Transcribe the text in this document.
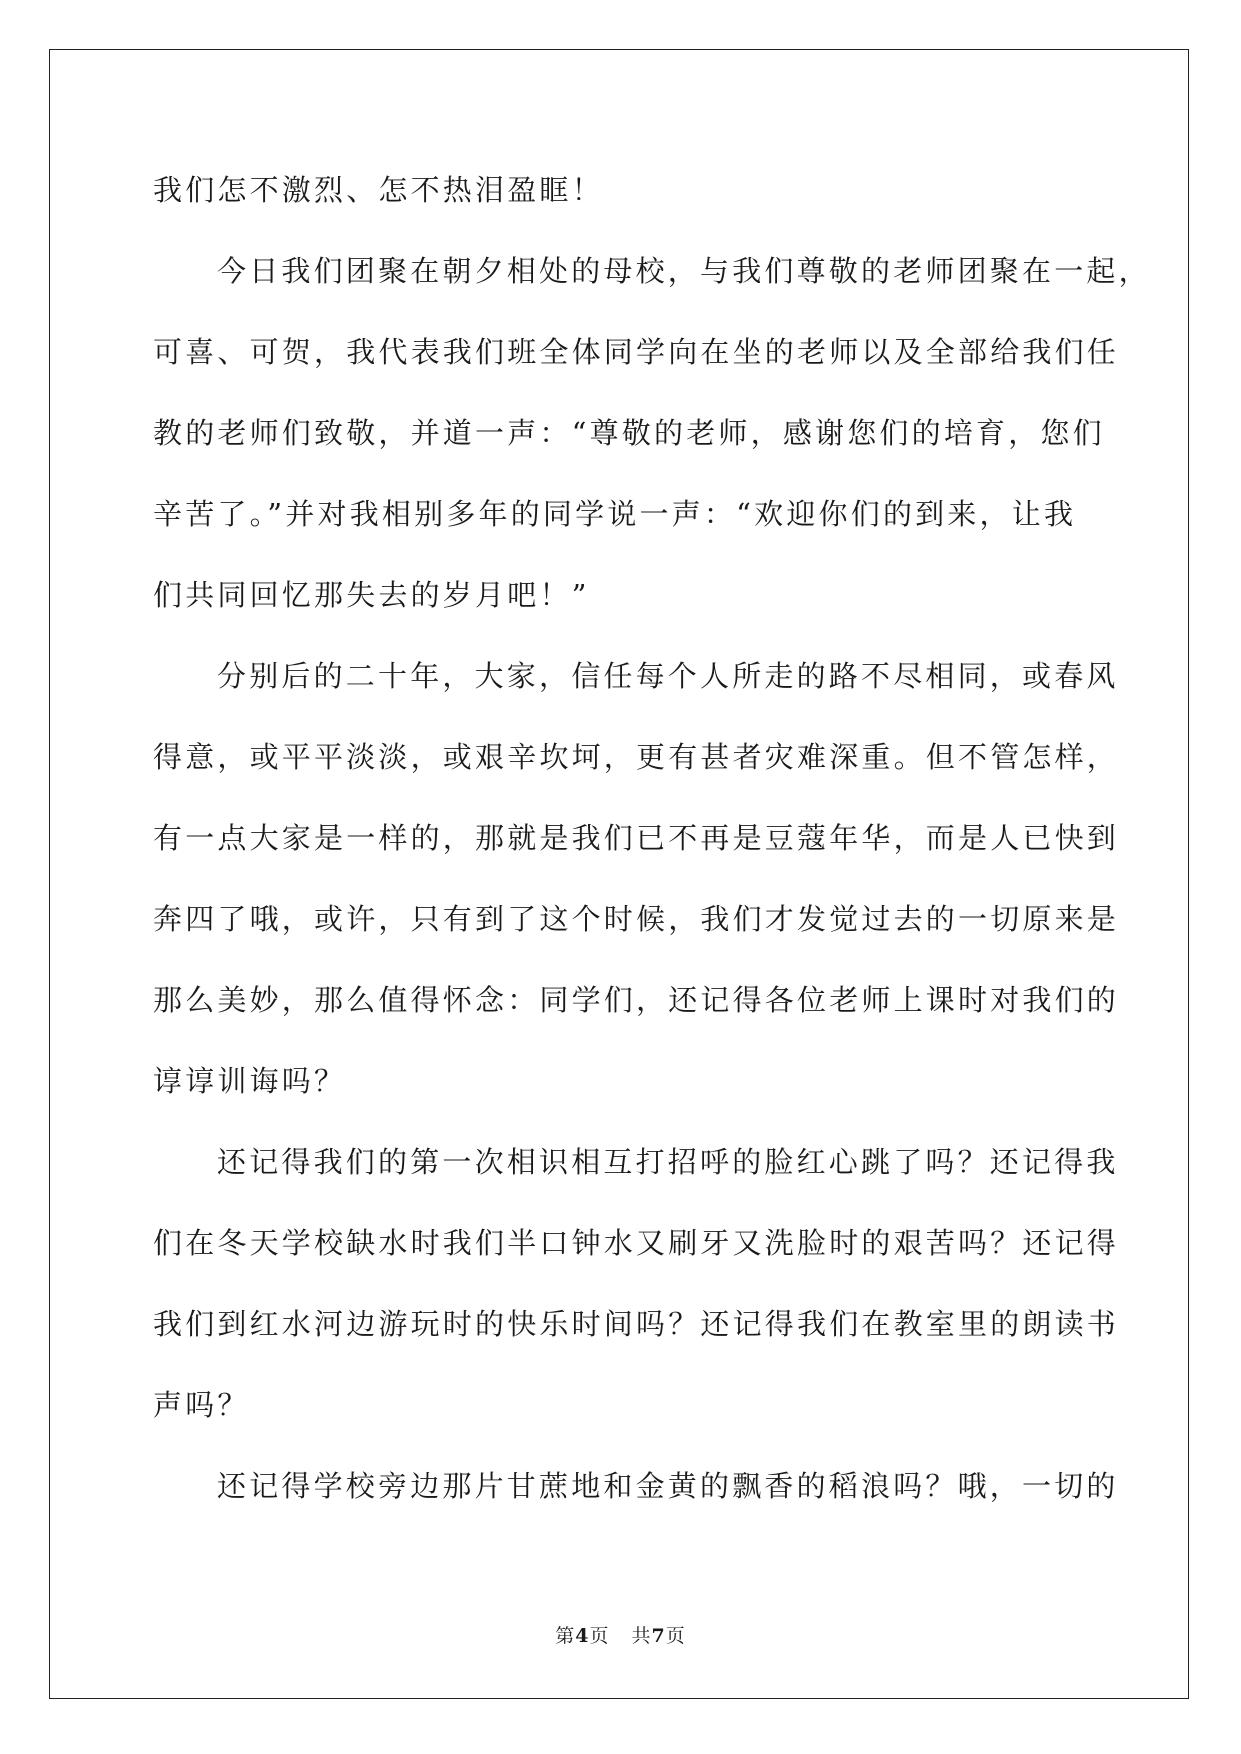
我们怎不激烈、怎不热泪盈眶！
今日我们团聚在朝夕相处的母校，与我们尊敬的老师团聚在一起，
可喜、可贺，我代表我们班全体同学向在坐的老师以及全部给我们任
教的老师们致敬，并道一声：“尊敬的老师，感谢您们的培育，您们
辛苦了。”并对我相别多年的同学说一声：“欢迎你们的到来，让我
们共同回忆那失去的岁月吧！”
分别后的二十年，大家，信任每个人所走的路不尽相同，或春风
得意，或平平淡淡，或艰辛坎坷，更有甚者灾难深重。但不管怎样，
有一点大家是一样的，那就是我们已不再是豆蔻年华，而是人已快到
奔四了哦，或许，只有到了这个时候，我们才发觉过去的一切原来是
那么美妙，那么值得怀念：同学们，还记得各位老师上课时对我们的
谆谆训诲吗？
还记得我们的第一次相识相互打招呼的脸红心跳了吗？还记得我
们在冬天学校缺水时我们半口钟水又刷牙又洗脸时的艰苦吗？还记得
我们到红水河边游玩时的快乐时间吗？还记得我们在教室里的朗读书
声吗？
还记得学校旁边那片甘蔗地和金黄的飘香的稻浪吗？哦，一切的
第4页 共7页
